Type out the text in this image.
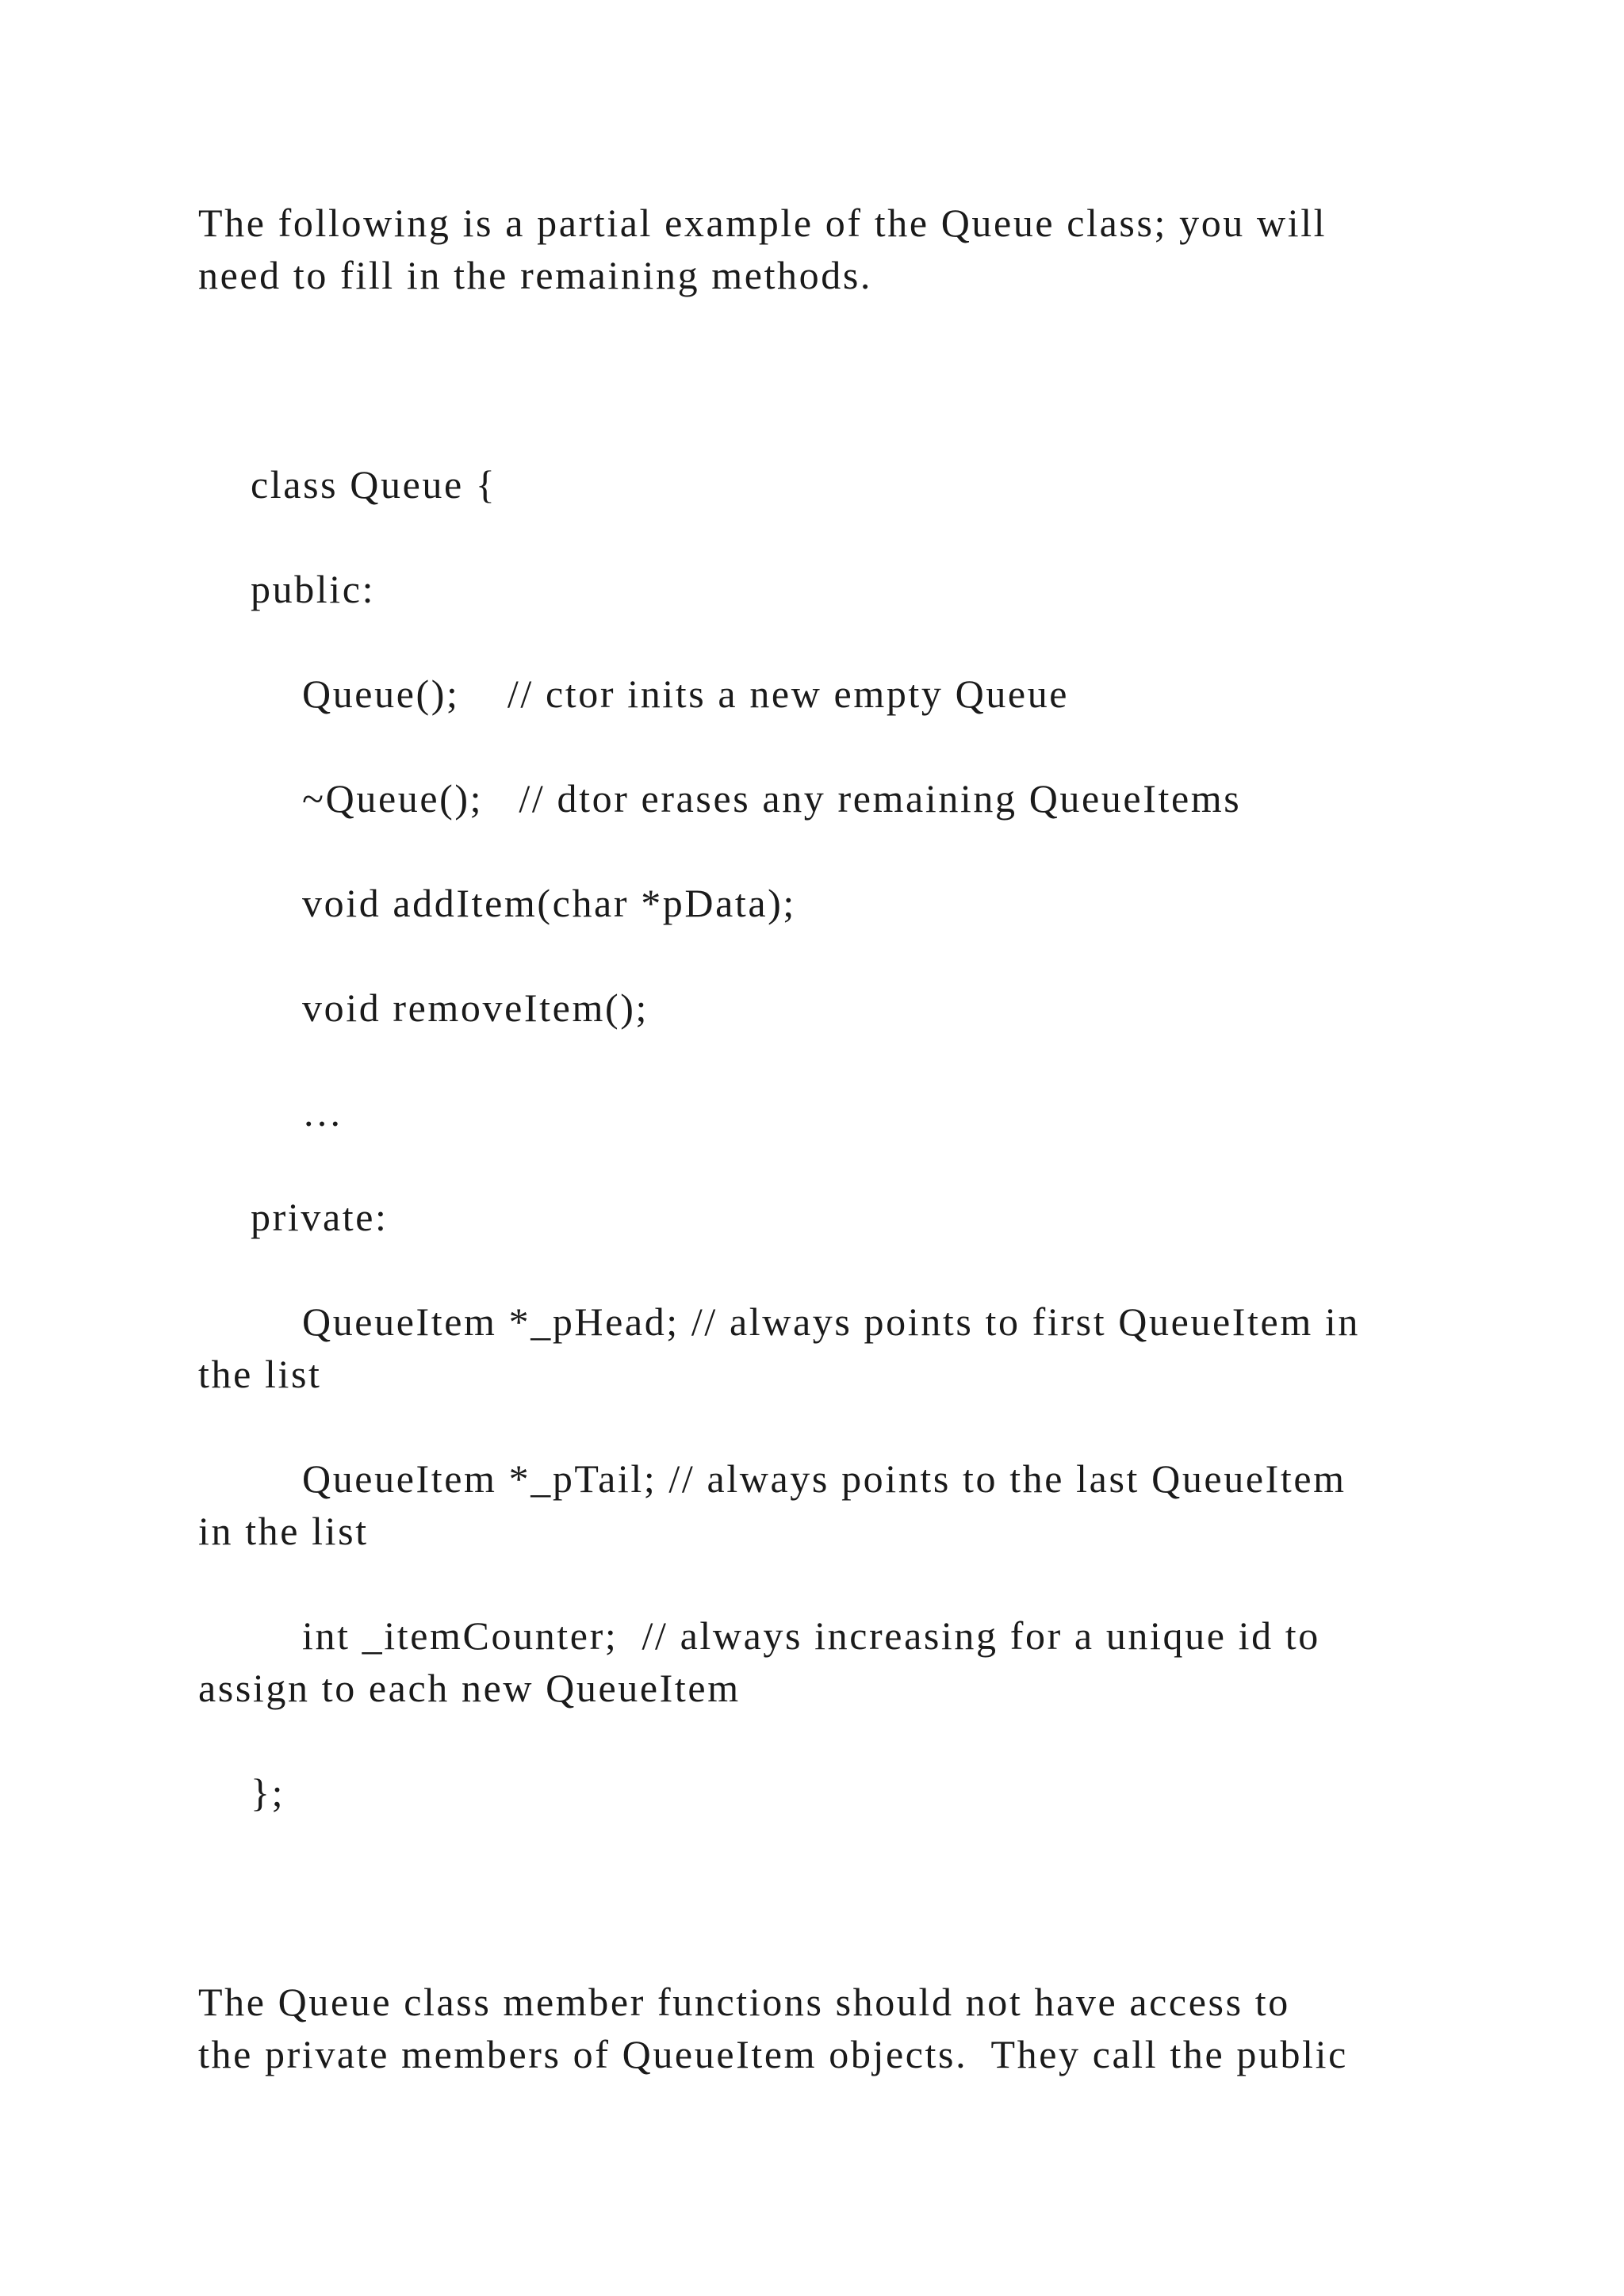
The following is a partial example of the Queue class; you will
need to fill in the remaining methods.
class Queue {
public:
Queue();    // ctor inits a new empty Queue
~Queue();   // dtor erases any remaining QueueItems
void addItem(char *pData);
void removeItem();
…
private:
QueueItem *_pHead; // always points to first QueueItem in
the list
QueueItem *_pTail; // always points to the last QueueItem
in the list
int _itemCounter;  // always increasing for a unique id to
assign to each new QueueItem
};
The Queue class member functions should not have access to
the private members of QueueItem objects.  They call the public
